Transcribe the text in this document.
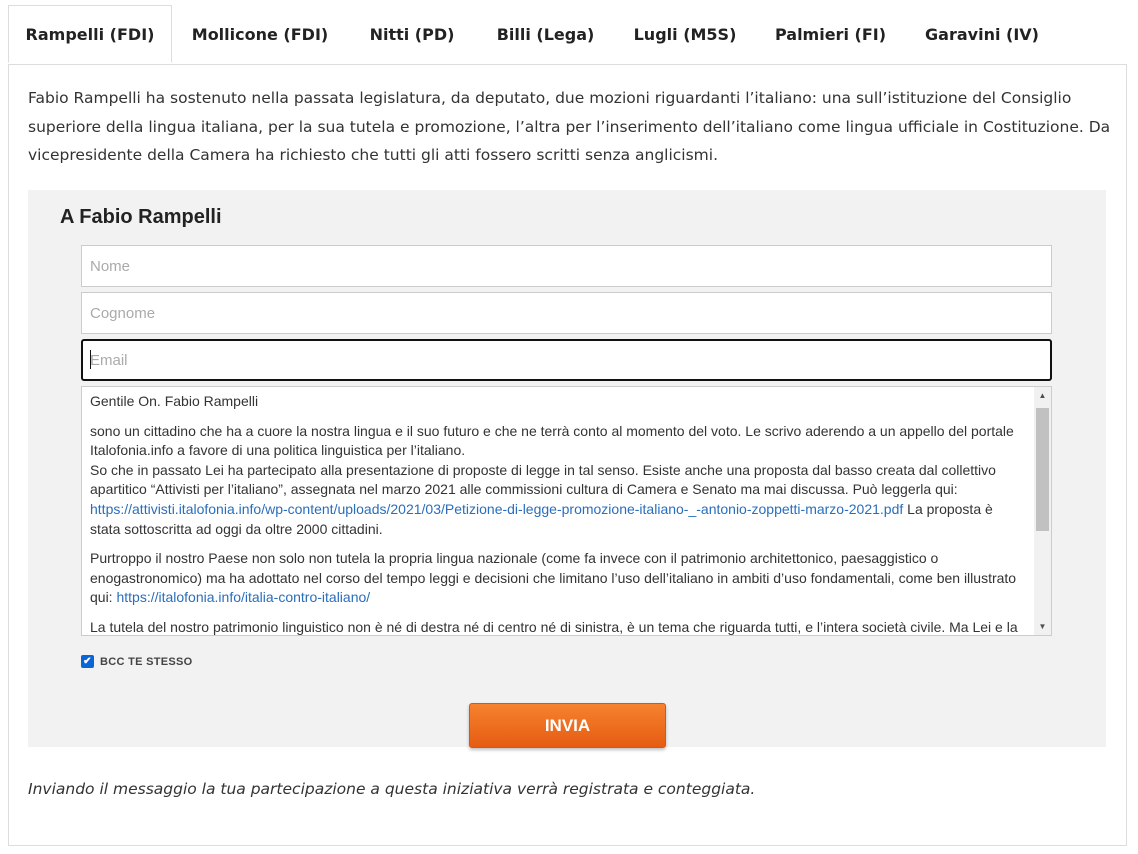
Rampelli (FDI)	Mollicone (FDI)	Nitti (PD)	Billi (Lega)	Lugli (M5S)	Palmieri (FI)	Garavini (IV)
Fabio Rampelli ha sostenuto nella passata legislatura, da deputato, due mozioni riguardanti l’italiano: una sull’istituzione del Consiglio superiore della lingua italiana, per la sua tutela e promozione, l’altra per l’inserimento dell’italiano come lingua ufficiale in Costituzione. Da vicepresidente della Camera ha richiesto che tutti gli atti fossero scritti senza anglicismi.
A Fabio Rampelli
Nome
Cognome
Email

Gentile On. Fabio Rampelli

sono un cittadino che ha a cuore la nostra lingua e il suo futuro e che ne terrà conto al momento del voto. Le scrivo aderendo a un appello del portale Italofonia.info a favore di una politica linguistica per l’italiano.
So che in passato Lei ha partecipato alla presentazione di proposte di legge in tal senso. Esiste anche una proposta dal basso creata dal collettivo apartitico “Attivisti per l’italiano”, assegnata nel marzo 2021 alle commissioni cultura di Camera e Senato ma mai discussa. Può leggerla qui: https://attivisti.italofonia.info/wp-content/uploads/2021/03/Petizione-di-legge-promozione-italiano-_-antonio-zoppetti-marzo-2021.pdf La proposta è stata sottoscritta ad oggi da oltre 2000 cittadini.

Purtroppo il nostro Paese non solo non tutela la propria lingua nazionale (come fa invece con il patrimonio architettonico, paesaggistico o enogastronomico) ma ha adottato nel corso del tempo leggi e decisioni che limitano l’uso dell’italiano in ambiti d’uso fondamentali, come ben illustrato qui: https://italofonia.info/italia-contro-italiano/

La tutela del nostro patrimonio linguistico non è né di destra né di centro né di sinistra, è un tema che riguarda tutti, e l’intera società civile. Ma Lei e la

▲
▼
✔ BCC TE STESSO
INVIA
Inviando il messaggio la tua partecipazione a questa iniziativa verrà registrata e conteggiata.
